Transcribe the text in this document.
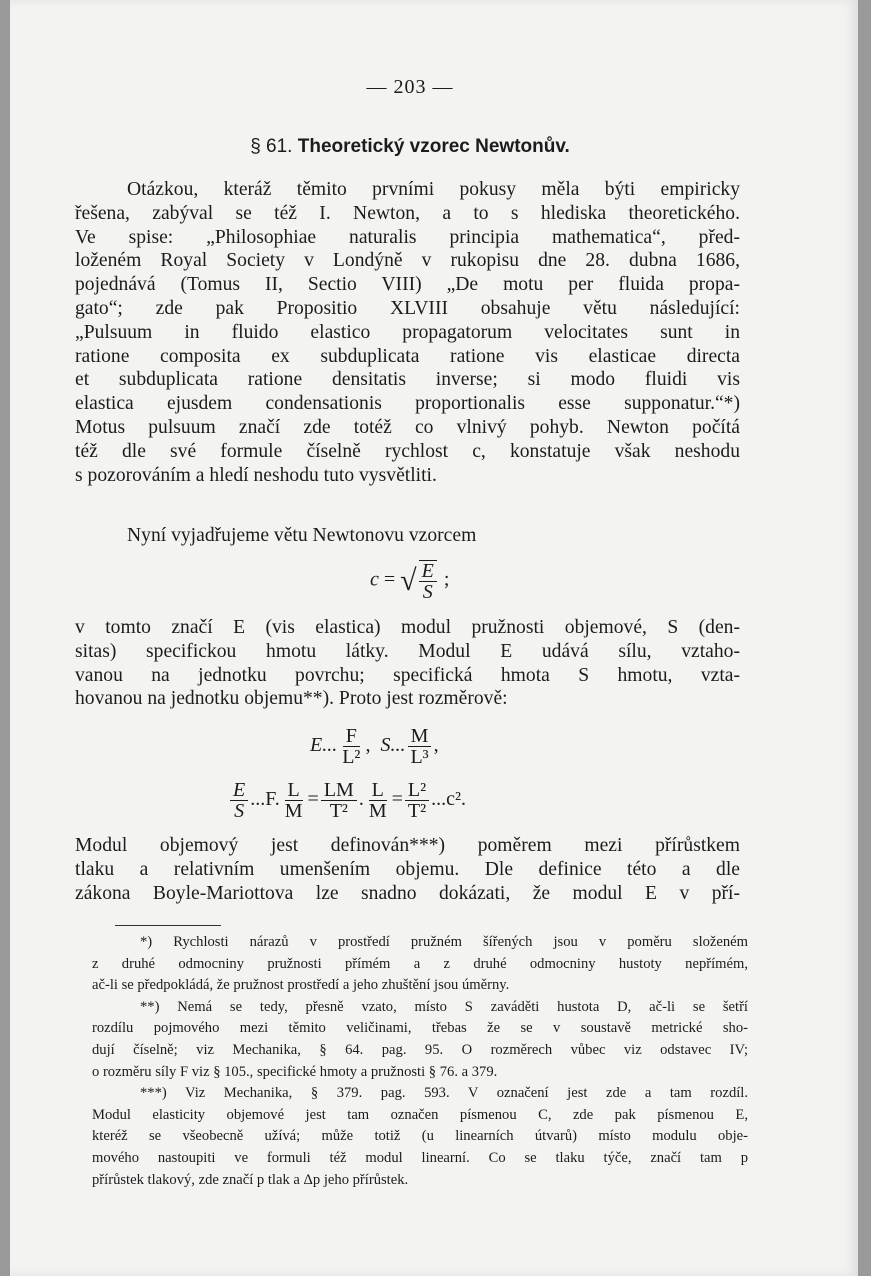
— 203 —
§ 61. Theoretický vzorec Newtonův.
Otázkou, kteráž těmito prvními pokusy měla býti empiricky
řešena, zabýval se též I. Newton, a to s hlediska theoretického.
Ve spise: „Philosophiae naturalis principia mathematica“, před-
loženém Royal Society v Londýně v rukopisu dne 28. dubna 1686,
pojednává (Tomus II, Sectio VIII) „De motu per fluida propa-
gato“; zde pak Propositio XLVIII obsahuje větu následující:
„Pulsuum in fluido elastico propagatorum velocitates sunt in
ratione composita ex subduplicata ratione vis elasticae directa
et subduplicata ratione densitatis inverse; si modo fluidi vis
elastica ejusdem condensationis proportionalis esse supponatur.“*)
Motus pulsuum značí zde totéž co vlnivý pohyb. Newton počítá
též dle své formule číselně rychlost c, konstatuje však neshodu
s pozorováním a hledí neshodu tuto vysvětliti.
Nyní vyjadřujeme větu Newtonovu vzorcem
c = √ $\frac{E}{S}$ ;
v tomto značí E (vis elastica) modul pružnosti objemové, S (den-
sitas) specifickou hmotu látky. Modul E udává sílu, vztaho-
vanou na jednotku povrchu; specifická hmota S hmotu, vzta-
hovanou na jednotku objemu**). Proto jest rozměrově:
E... $\frac{F}{\text{L²}}$ , S... $\frac{M}{\text{L³}}$ ,
$\frac{E}{S} ...F$. $\frac{L}{M} = \frac{LM}{\text{T²}}$ . $\frac{L}{M} = \frac{\text{L²}}{\text{T²}} ...c^2$.
Modul objemový jest definován***) poměrem mezi přírůstkem
tlaku a relativním umenšením objemu. Dle definice této a dle
zákona Boyle-Mariottova lze snadno dokázati, že modul E v pří-
*) Rychlosti nárazů v prostředí pružném šířených jsou v poměru složeném
z druhé odmocniny pružnosti přímém a z druhé odmocniny hustoty nepřímém,
ač-li se předpokládá, že pružnost prostředí a jeho zhuštění jsou úměrny.
**) Nemá se tedy, přesně vzato, místo S zaváděti hustota D, ač-li se šetří
rozdílu pojmového mezi těmito veličinami, třebas že se v soustavě metrické sho-
dují číselně; viz Mechanika, § 64. pag. 95. O rozměrech vůbec viz odstavec IV;
o rozměru síly F viz § 105., specifické hmoty a pružnosti § 76. a 379.
***) Viz Mechanika, § 379. pag. 593. V označení jest zde a tam rozdíl.
Modul elasticity objemové jest tam označen písmenou C, zde pak písmenou E,
kteréž se všeobecně užívá; může totiž (u linearních útvarů) místo modulu obje-
mového nastoupiti ve formuli též modul linearní. Co se tlaku týče, značí tam p
přírůstek tlakový, zde značí p tlak a Δp jeho přírůstek.
